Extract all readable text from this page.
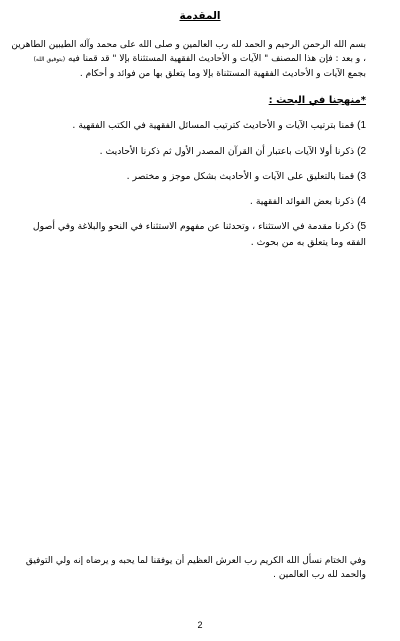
المقدمة
بسم الله الرحمن الرحيم و الحمد لله رب العالمين و صلى الله على محمد وآله الطيبين الطاهرين
، و بعد : فإن هذا المصنف " الآيات و الأحاديث الفقهية المستثناة بإلا " قد قمنا فيه (بتوفيق الله)
بجمع الآيات و الأحاديث الفقهية المستثناة بإلا وما يتعلق بها من فوائد و أحكام .
*منهجنا في البحث :
1) قمنا بترتيب الآيات و الأحاديث كترتيب المسائل الفقهية في الكتب الفقهية .
2) ذكرنا أولا الآيات باعتبار أن القرآن المصدر الأول ثم ذكرنا الأحاديث .
3) قمنا بالتعليق على الآيات و الأحاديث بشكل موجز و مختصر .
4) ذكرنا بعض الفوائد الفقهية .
5) ذكرنا مقدمة في الاستثناء ، وتحدثنا عن مفهوم الاستثناء في النحو والبلاغة وفي أصول الفقه وما يتعلق به من بحوث .
وفي الختام نسأل الله الكريم رب العرش العظيم أن يوفقنا لما يحبه و يرضاه إنه ولي التوفيق
والحمد لله رب العالمين .
2
